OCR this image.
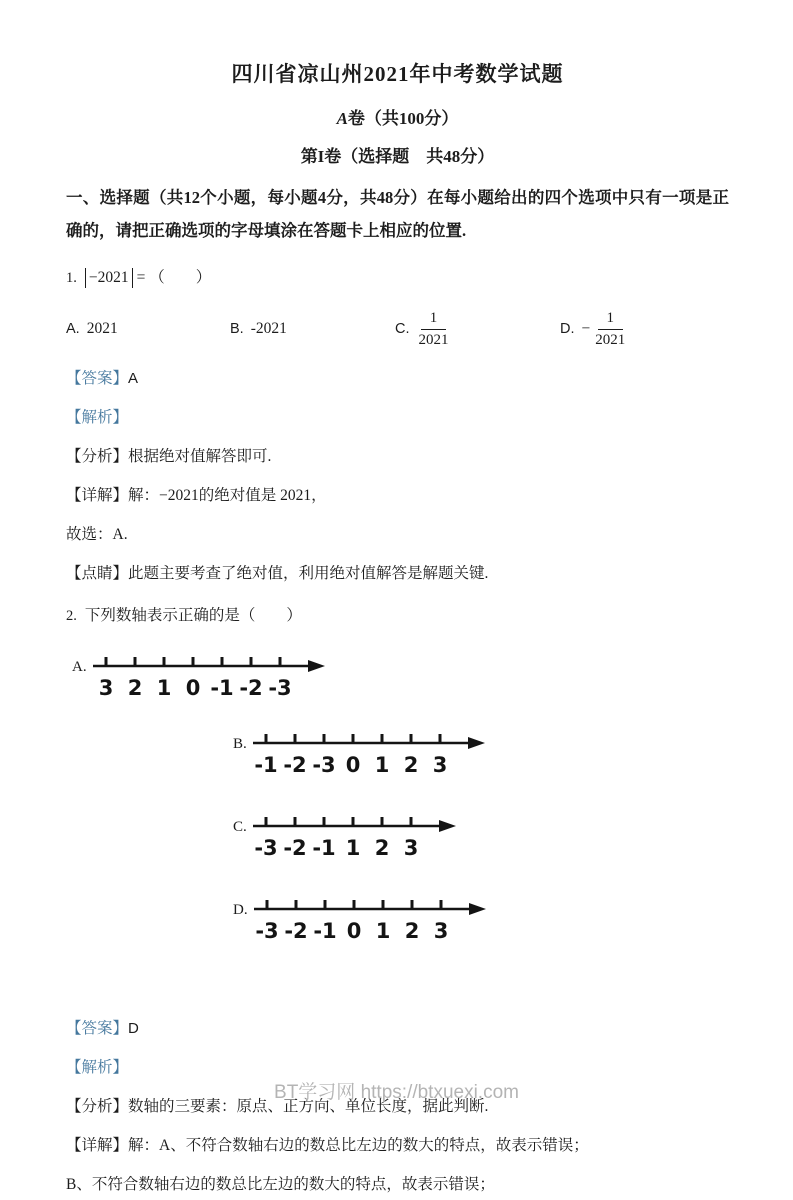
四川省凉山州2021年中考数学试题
A卷（共100分）
第I卷（选择题　共48分）

一、选择题（共12个小题，每小题4分，共48分）在每小题给出的四个选项中只有一项是正确的，请把正确选项的字母填涂在答题卡上相应的位置.

1. −2021 = （　　）
A. 2021	B. -2021	C. $\frac{1}{2021}$	D. − $\frac{1}{2021}$
【答案】A
【解析】
【分析】根据绝对值解答即可.
【详解】解：−2021的绝对值是 2021，
故选：A.
【点睛】此题主要考查了绝对值，利用绝对值解答是解题关键.
2. 下列数轴表示正确的是（　　）
A.
3 2 1 0 -1 -2 -3
B.
-1 -2 -3 0 1 2 3
C.
-3 -2 -1 1 2 3
D.
-3 -2 -1 0 1 2 3
【答案】D
【解析】
【分析】数轴的三要素：原点、正方向、单位长度，据此判断.
【详解】解：A、不符合数轴右边的数总比左边的数大的特点，故表示错误；
B、不符合数轴右边的数总比左边的数大的特点，故表示错误；
BT学习网 https://btxuexi.com
